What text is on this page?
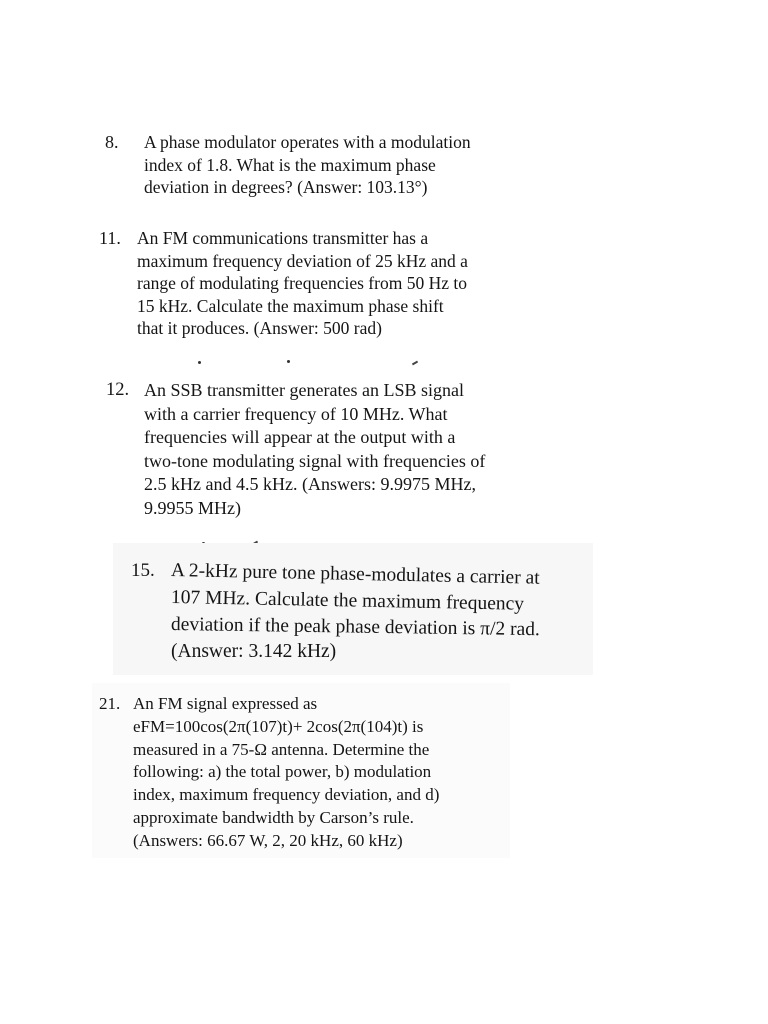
8. A phase modulator operates with a modulation
index of 1.8. What is the maximum phase
deviation in degrees? (Answer: 103.13°)
11. An FM communications transmitter has a
maximum frequency deviation of 25 kHz and a
range of modulating frequencies from 50 Hz to
15 kHz. Calculate the maximum phase shift
that it produces. (Answer: 500 rad)
12. An SSB transmitter generates an LSB signal
with a carrier frequency of 10 MHz. What
frequencies will appear at the output with a
two-tone modulating signal with frequencies of
2.5 kHz and 4.5 kHz. (Answers: 9.9975 MHz,
9.9955 MHz)
15. A 2-kHz pure tone phase-modulates a carrier at
107 MHz. Calculate the maximum frequency
deviation if the peak phase deviation is π/2 rad.
(Answer: 3.142 kHz)
21. An FM signal expressed as
eFM=100cos(2π(107)t)+ 2cos(2π(104)t) is
measured in a 75-Ω antenna. Determine the
following: a) the total power, b) modulation
index, maximum frequency deviation, and d)
approximate bandwidth by Carson’s rule.
(Answers: 66.67 W, 2, 20 kHz, 60 kHz)
